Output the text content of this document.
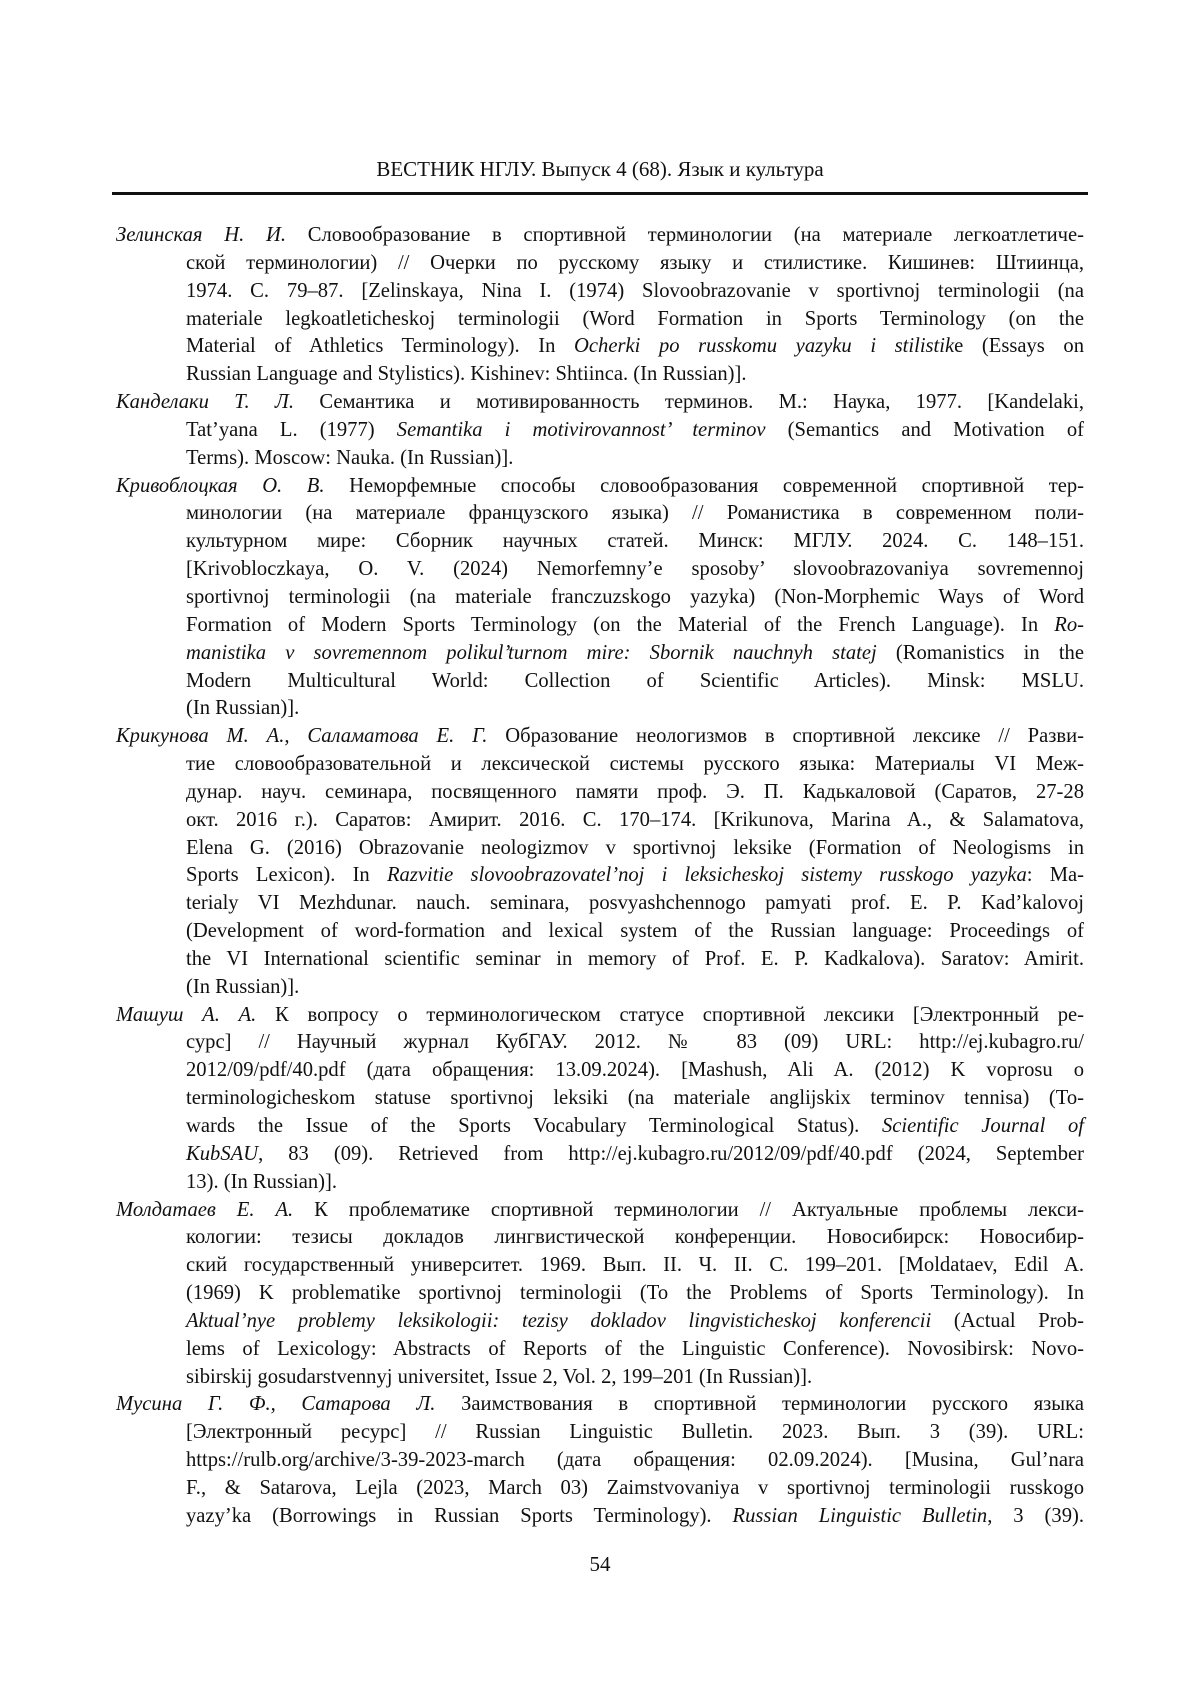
ВЕСТНИК НГЛУ. Выпуск 4 (68). Язык и культура
Зелинская Н. И. Словообразование в спортивной терминологии (на материале легкоатлетиче-
ской терминологии) // Очерки по русскому языку и стилистике. Кишинев: Штиинца,
1974. С. 79–87. [Zelinskaya, Nina I. (1974) Slovoobrazovanie v sportivnoj terminologii (na
materiale legkoatleticheskoj terminologii (Word Formation in Sports Terminology (on the
Material of Athletics Terminology). In Ocherki po russkomu yazyku i stilistike (Essays on
Russian Language and Stylistics). Kishinev: Shtiinca. (In Russian)].
Канделаки Т. Л. Семантика и мотивированность терминов. М.: Наука, 1977. [Kandelaki,
Tat’yana L. (1977) Semantika i motivirovannost’ terminov (Semantics and Motivation of
Terms). Moscow: Nauka. (In Russian)].
Кривоблоцкая О. В. Неморфемные способы словообразования современной спортивной тер-
минологии (на материале французского языка) // Романистика в современном поли-
культурном мире: Сборник научных статей. Минск: МГЛУ. 2024. С. 148–151.
[Krivobloczkaya, O. V. (2024) Nemorfemny’e sposoby’ slovoobrazovaniya sovremennoj
sportivnoj terminologii (na materiale franczuzskogo yazyka) (Non-Morphemic Ways of Word
Formation of Modern Sports Terminology (on the Material of the French Language). In Ro-
manistika v sovremennom polikul’turnom mire: Sbornik nauchnyh statej (Romanistics in the
Modern Multicultural World: Collection of Scientific Articles). Minsk: MSLU.
(In Russian)].
Крикунова М. А., Саламатова Е. Г. Образование неологизмов в спортивной лексике // Разви-
тие словообразовательной и лексической системы русского языка: Материалы VI Меж-
дунар. науч. семинара, посвященного памяти проф. Э. П. Кадькаловой (Саратов, 27-28
окт. 2016 г.). Саратов: Амирит. 2016. С. 170–174. [Krikunova, Marina A., & Salamatova,
Elena G. (2016) Obrazovanie neologizmov v sportivnoj leksike (Formation of Neologisms in
Sports Lexicon). In Razvitie slovoobrazovatel’noj i leksicheskoj sistemy russkogo yazyka: Ma-
terialy VI Mezhdunar. nauch. seminara, posvyashchennogo pamyati prof. E. P. Kad’kalovoj
(Development of word-formation and lexical system of the Russian language: Proceedings of
the VI International scientific seminar in memory of Prof. E. P. Kadkalova). Saratov: Amirit.
(In Russian)].
Машуш А. А. К вопросу о терминологическом статусе спортивной лексики [Электронный ре-
сурс] // Научный журнал КубГАУ. 2012. № 83 (09) URL: http://ej.kubagro.ru/
2012/09/pdf/40.pdf (дата обращения: 13.09.2024). [Mashush, Ali A. (2012) K voprosu o
terminologicheskom statuse sportivnoj leksiki (na materiale anglijskix terminov tennisa) (To-
wards the Issue of the Sports Vocabulary Terminological Status). Scientific Journal of
KubSAU, 83 (09). Retrieved from http://ej.kubagro.ru/2012/09/pdf/40.pdf (2024, September
13). (In Russian)].
Молдатаев Е. А. К проблематике спортивной терминологии // Актуальные проблемы лекси-
кологии: тезисы докладов лингвистической конференции. Новосибирск: Новосибир-
ский государственный университет. 1969. Вып. II. Ч. II. С. 199–201. [Moldataev, Edil A.
(1969) K problematike sportivnoj terminologii (To the Problems of Sports Terminology). In
Aktual’nye problemy leksikologii: tezisy dokladov lingvisticheskoj konferencii (Actual Prob-
lems of Lexicology: Abstracts of Reports of the Linguistic Conference). Novosibirsk: Novo-
sibirskij gosudarstvennyj universitet, Issue 2, Vol. 2, 199–201 (In Russian)].
Мусина Г. Ф., Сатарова Л. Заимствования в спортивной терминологии русского языка
[Электронный ресурс] // Russian Linguistic Bulletin. 2023. Вып. 3 (39). URL:
https://rulb.org/archive/3-39-2023-march (дата обращения: 02.09.2024). [Musina, Gul’nara
F., & Satarova, Lejla (2023, March 03) Zaimstvovaniya v sportivnoj terminologii russkogo
yazy’ka (Borrowings in Russian Sports Terminology). Russian Linguistic Bulletin, 3 (39).
54
